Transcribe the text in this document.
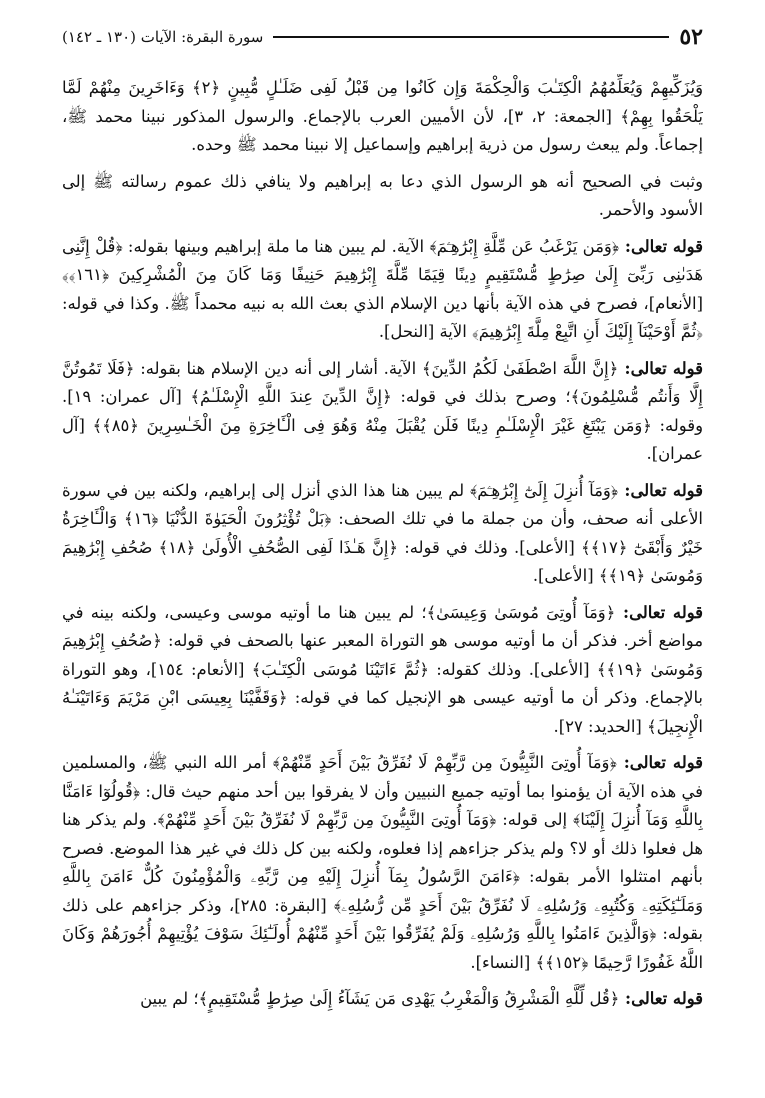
٥٢
سورة البقرة: الآيات (١٣٠ ـ ١٤٢)

وَيُزَكِّيهِمْ وَيُعَلِّمُهُمُ الْكِتَـٰبَ وَالْحِكْمَةَ وَإِن كَانُوا مِن قَبْلُ لَفِى ضَلَـٰلٍ مُّبِينٍ ﴿٢﴾ وَءَاخَرِينَ مِنْهُمْ لَمَّا يَلْحَقُوا بِهِمْ﴾ [الجمعة: ٢، ٣]، لأن الأميين العرب بالإجماع. والرسول المذكور نبينا محمد ﷺ، إجماعاً. ولم يبعث رسول من ذرية إبراهيم وإسماعيل إلا نبينا محمد ﷺ وحده.

وثبت في الصحيح أنه هو الرسول الذي دعا به إبراهيم ولا ينافي ذلك عموم رسالته ﷺ إلى الأسود والأحمر.

قوله تعالى: ﴿وَمَن يَرْغَبُ عَن مِّلَّةِ إِبْرَٰهِـۧمَ﴾ الآية. لم يبين هنا ما ملة إبراهيم وبينها بقوله: ﴿قُلْ إِنَّنِى هَدَىٰنِى رَبِّىٓ إِلَىٰ صِرَٰطٍ مُّسْتَقِيمٍ دِينًا قِيَمًا مِّلَّةَ إِبْرَٰهِيمَ حَنِيفًا وَمَا كَانَ مِنَ الْمُشْرِكِينَ ﴿١٦١﴾﴾ [الأنعام]، فصرح في هذه الآية بأنها دين الإسلام الذي بعث الله به نبيه محمداً ﷺ. وكذا في قوله: ﴿ثُمَّ أَوْحَيْنَآ إِلَيْكَ أَنِ اتَّبِعْ مِلَّةَ إِبْرَٰهِيمَ﴾ الآية [النحل].

قوله تعالى: ﴿إِنَّ اللَّهَ اصْطَفَىٰ لَكُمُ الدِّينَ﴾ الآية. أشار إلى أنه دين الإسلام هنا بقوله: ﴿فَلَا تَمُوتُنَّ إِلَّا وَأَنتُم مُّسْلِمُونَ﴾؛ وصرح بذلك في قوله: ﴿إِنَّ الدِّينَ عِندَ اللَّهِ الْإِسْلَـٰمُ﴾ [آل عمران: ١٩]. وقوله: ﴿وَمَن يَبْتَغِ غَيْرَ الْإِسْلَـٰمِ دِينًا فَلَن يُقْبَلَ مِنْهُ وَهُوَ فِى الْـَٔاخِرَةِ مِنَ الْخَـٰسِرِينَ ﴿٨٥﴾﴾ [آل عمران].

قوله تعالى: ﴿وَمَآ أُنزِلَ إِلَىٰٓ إِبْرَٰهِـۧمَ﴾ لم يبين هنا هذا الذي أنزل إلى إبراهيم، ولكنه بين في سورة الأعلى أنه صحف، وأن من جملة ما في تلك الصحف: ﴿بَلْ تُؤْثِرُونَ الْحَيَوٰةَ الدُّنْيَا ﴿١٦﴾ وَالْـَٔاخِرَةُ خَيْرٌ وَأَبْقَىٰٓ ﴿١٧﴾﴾ [الأعلى]. وذلك في قوله: ﴿إِنَّ هَـٰذَا لَفِى الصُّحُفِ الْأُولَىٰ ﴿١٨﴾ صُحُفِ إِبْرَٰهِيمَ وَمُوسَىٰ ﴿١٩﴾﴾ [الأعلى].

قوله تعالى: ﴿وَمَآ أُوتِىَ مُوسَىٰ وَعِيسَىٰ﴾؛ لم يبين هنا ما أوتيه موسى وعيسى، ولكنه بينه في مواضع أخر. فذكر أن ما أوتيه موسى هو التوراة المعبر عنها بالصحف في قوله: ﴿صُحُفِ إِبْرَٰهِيمَ وَمُوسَىٰ ﴿١٩﴾﴾ [الأعلى]. وذلك كقوله: ﴿ثُمَّ ءَاتَيْنَا مُوسَى الْكِتَـٰبَ﴾ [الأنعام: ١٥٤]، وهو التوراة بالإجماع. وذكر أن ما أوتيه عيسى هو الإنجيل كما في قوله: ﴿وَقَفَّيْنَا بِعِيسَى ابْنِ مَرْيَمَ وَءَاتَيْنَـٰهُ الْإِنجِيلَ﴾ [الحديد: ٢٧].

قوله تعالى: ﴿وَمَآ أُوتِىَ النَّبِيُّونَ مِن رَّبِّهِمْ لَا نُفَرِّقُ بَيْنَ أَحَدٍ مِّنْهُمْ﴾ أمر الله النبي ﷺ، والمسلمين في هذه الآية أن يؤمنوا بما أوتيه جميع النبيين وأن لا يفرقوا بين أحد منهم حيث قال: ﴿قُولُوٓا ءَامَنَّا بِاللَّهِ وَمَآ أُنزِلَ إِلَيْنَا﴾ إلى قوله: ﴿وَمَآ أُوتِىَ النَّبِيُّونَ مِن رَّبِّهِمْ لَا نُفَرِّقُ بَيْنَ أَحَدٍ مِّنْهُمْ﴾. ولم يذكر هنا هل فعلوا ذلك أو لا؟ ولم يذكر جزاءهم إذا فعلوه، ولكنه بين كل ذلك في غير هذا الموضع. فصرح بأنهم امتثلوا الأمر بقوله: ﴿ءَامَنَ الرَّسُولُ بِمَآ أُنزِلَ إِلَيْهِ مِن رَّبِّهِۦ وَالْمُؤْمِنُونَ كُلٌّ ءَامَنَ بِاللَّهِ وَمَلَـٰٓئِكَتِهِۦ وَكُتُبِهِۦ وَرُسُلِهِۦ لَا نُفَرِّقُ بَيْنَ أَحَدٍ مِّن رُّسُلِهِۦ﴾ [البقرة: ٢٨٥]، وذكر جزاءهم على ذلك بقوله: ﴿وَالَّذِينَ ءَامَنُوا بِاللَّهِ وَرُسُلِهِۦ وَلَمْ يُفَرِّقُوا بَيْنَ أَحَدٍ مِّنْهُمْ أُولَـٰٓئِكَ سَوْفَ يُؤْتِيهِمْ أُجُورَهُمْ وَكَانَ اللَّهُ غَفُورًا رَّحِيمًا ﴿١٥٢﴾﴾ [النساء].

قوله تعالى: ﴿قُل لِّلَّهِ الْمَشْرِقُ وَالْمَغْرِبُ يَهْدِى مَن يَشَآءُ إِلَىٰ صِرَٰطٍ مُّسْتَقِيمٍ﴾؛ لم يبين
